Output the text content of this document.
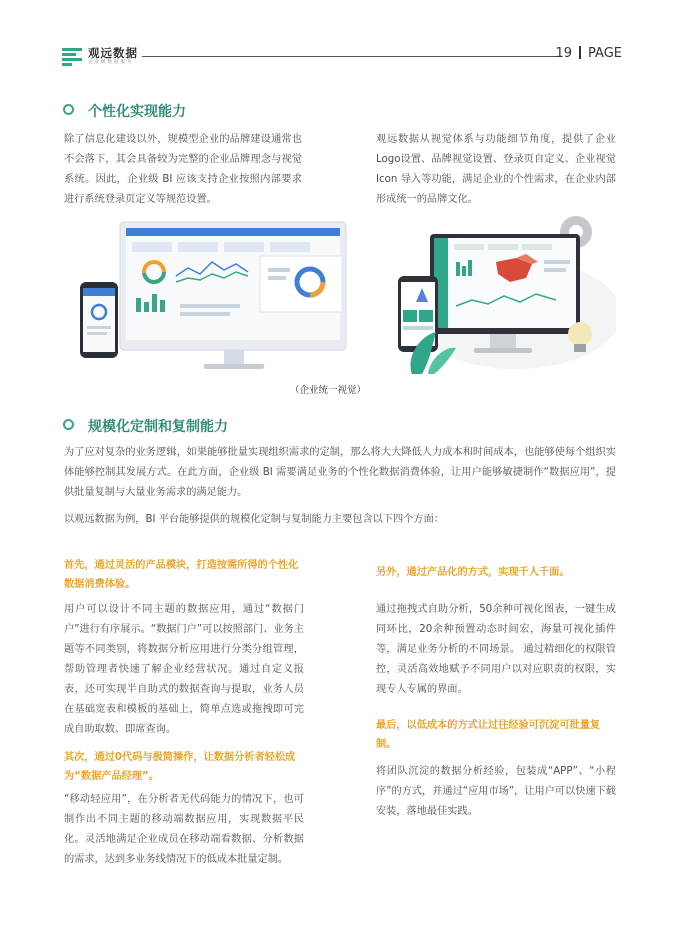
观远数据
企业级数据服务
19 PAGE
个性化实现能力
除了信息化建设以外，规模型企业的品牌建设通常也不会落下，其会具备较为完整的企业品牌理念与视觉系统。因此，企业级 BI 应该支持企业按照内部要求进行系统登录页定义等规范设置。
观远数据从视觉体系与功能细节角度，提供了企业Logo设置、品牌视觉设置、登录页自定义、企业视觉 Icon 导入等功能，满足企业的个性需求，在企业内部形成统一的品牌文化。
（企业统一视觉）
规模化定制和复制能力
为了应对复杂的业务逻辑，如果能够批量实现组织需求的定制，那么将大大降低人力成本和时间成本，也能够使每个组织实体能够控制其发展方式。在此方面，企业级 BI 需要满足业务的个性化数据消费体验，让用户能够敏捷制作“数据应用”，提供批量复制与大量业务需求的满足能力。
以观远数据为例，BI 平台能够提供的规模化定制与复制能力主要包含以下四个方面：
首先，通过灵活的产品模块，打造按需所得的个性化数据消费体验。
用户可以设计不同主题的数据应用，通过“数据门户”进行有序展示。“数据门户”可以按照部门、业务主题等不同类别，将数据分析应用进行分类分组管理，帮助管理者快速了解企业经营状况。通过自定义报表，还可实现半自助式的数据查询与提取，业务人员在基础宽表和模板的基础上，简单点选或拖拽即可完成自助取数、即席查询。
其次，通过0代码与极简操作，让数据分析者轻松成为“数据产品经理”。
“移动轻应用”，在分析者无代码能力的情况下，也可制作出不同主题的移动端数据应用，实现数据平民化。灵活地满足企业成员在移动端看数据、分析数据的需求，达到多业务线情况下的低成本批量定制。
另外，通过产品化的方式，实现千人千面。
通过拖拽式自助分析，50余种可视化图表，一键生成同环比，20余种预置动态时间宏，海量可视化插件等，满足业务分析的不同场景。 通过精细化的权限管控，灵活高效地赋予不同用户以对应职责的权限，实现专人专属的界面。
最后，以低成本的方式让过往经验可沉淀可批量复制。
将团队沉淀的数据分析经验，包装成“APP”、“小程序”的方式，并通过“应用市场”，让用户可以快速下载安装，落地最佳实践。
